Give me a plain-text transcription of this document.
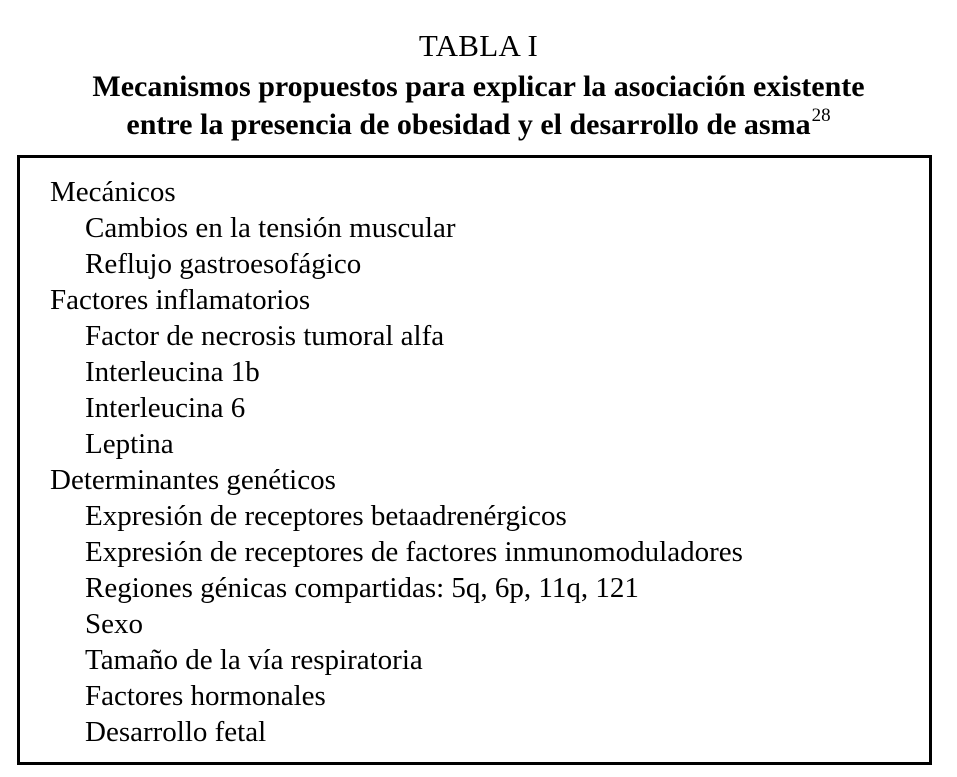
TABLA I
Mecanismos propuestos para explicar la asociación existente
entre la presencia de obesidad y el desarrollo de asma$^{28}$
Mecánicos
Cambios en la tensión muscular
Reflujo gastroesofágico
Factores inflamatorios
Factor de necrosis tumoral alfa
Interleucina 1b
Interleucina 6
Leptina
Determinantes genéticos
Expresión de receptores betaadrenérgicos
Expresión de receptores de factores inmunomoduladores
Regiones génicas compartidas: 5q, 6p, 11q, 121
Sexo
Tamaño de la vía respiratoria
Factores hormonales
Desarrollo fetal
